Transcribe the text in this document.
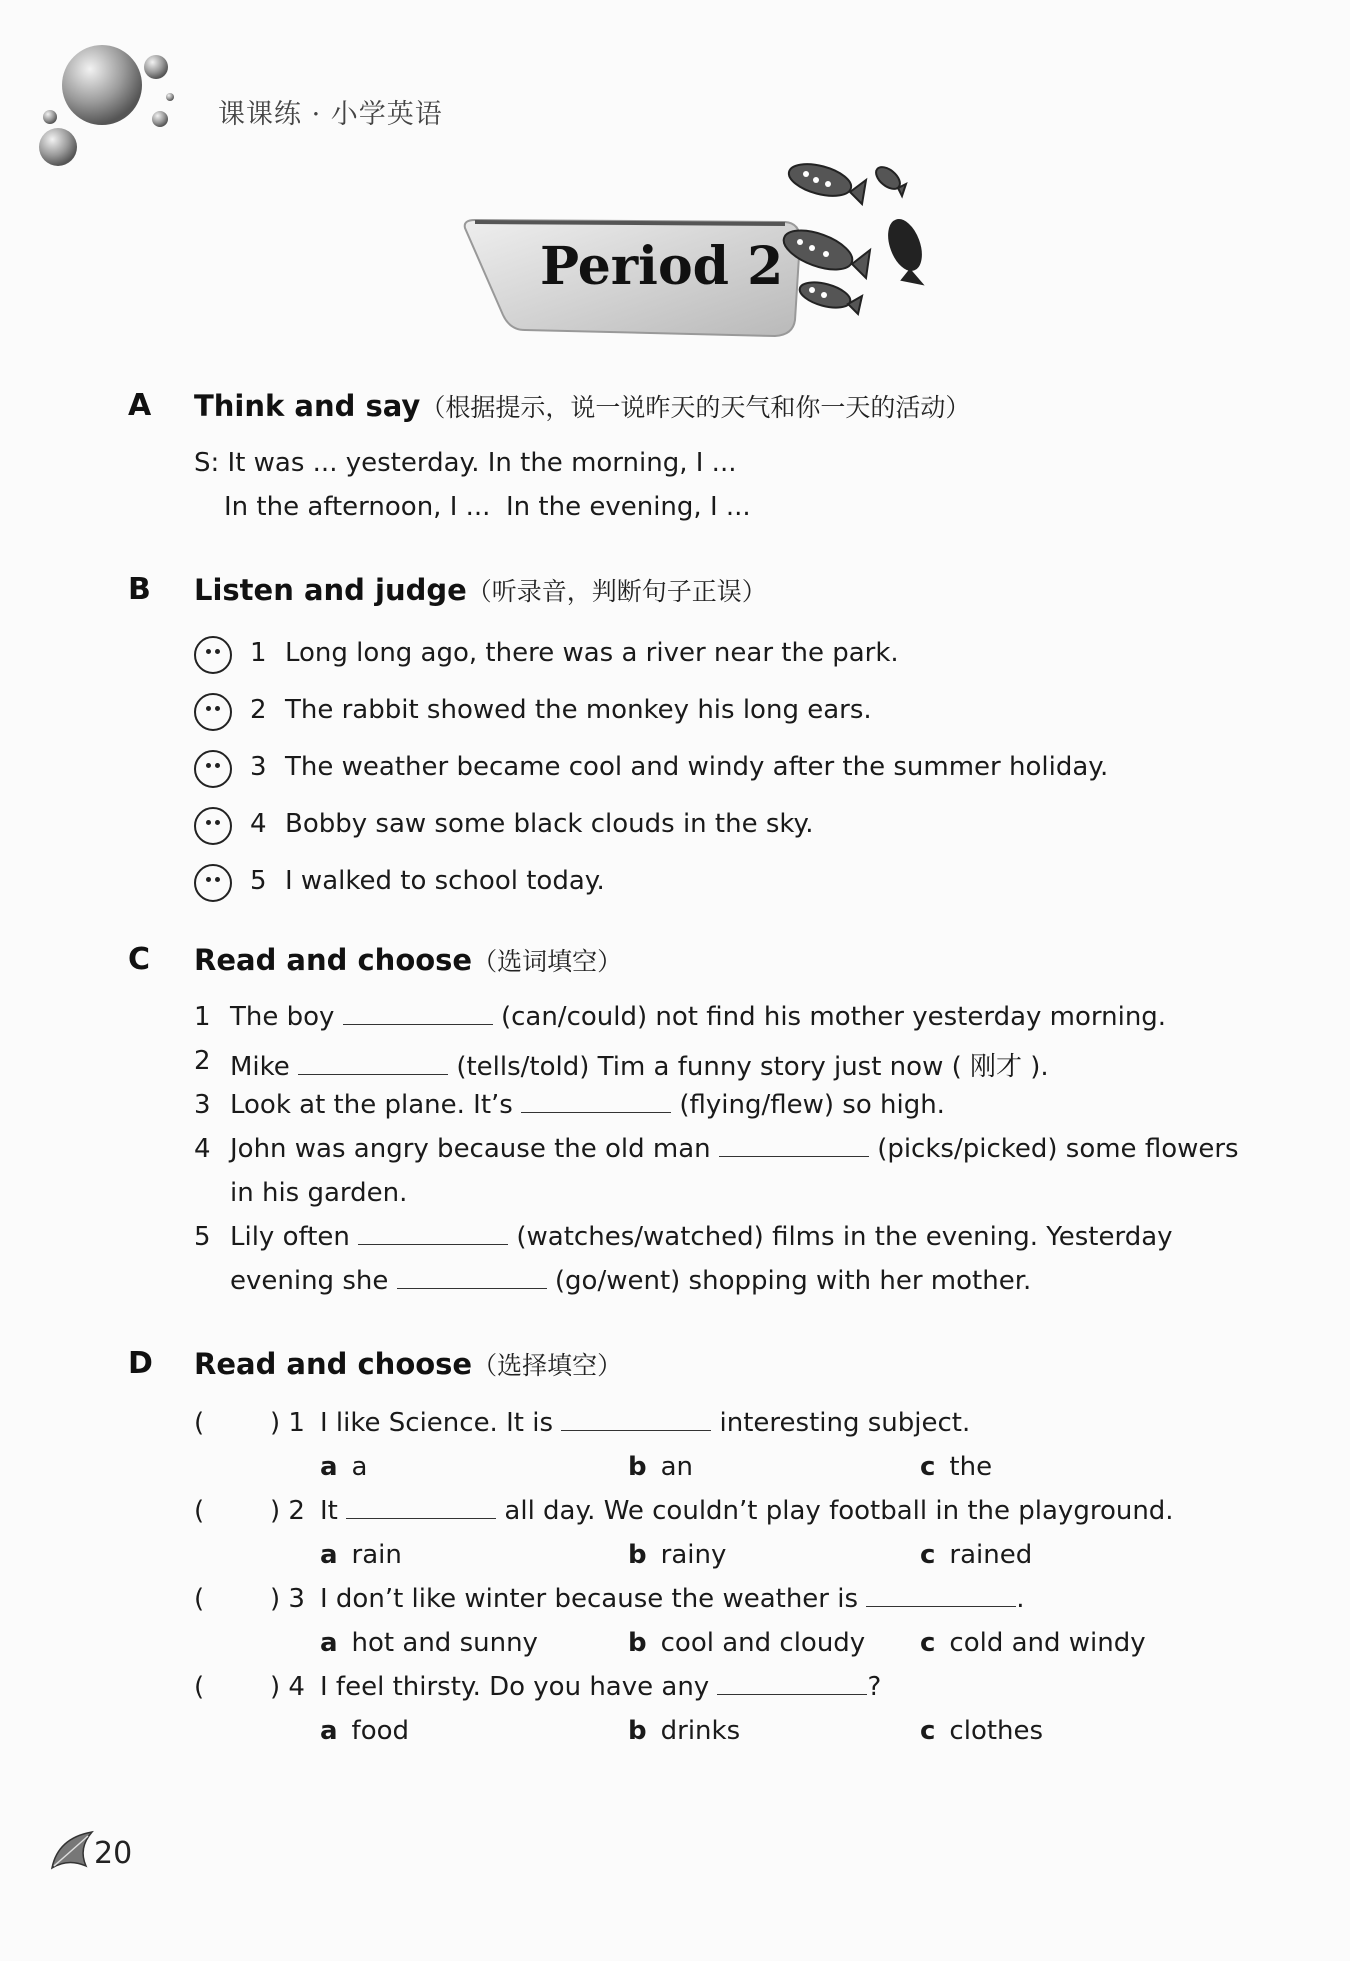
课课练 · 小学英语
Period 2
A Think and say（根据提示，说一说昨天的天气和你一天的活动）
S: It was ... yesterday. In the morning, I ...
In the afternoon, I ... In the evening, I ...
B Listen and judge（听录音，判断句子正误）
1 Long long ago, there was a river near the park.
2 The rabbit showed the monkey his long ears.
3 The weather became cool and windy after the summer holiday.
4 Bobby saw some black clouds in the sky.
5 I walked to school today.
C Read and choose（选词填空）
1 The boy	(can/could) not find his mother yesterday morning.
2 Mike	(tells/told) Tim a funny story just now ( 刚才 ).
3 Look at the plane. It’s	(flying/flew) so high.
4 John was angry because the old man	(picks/picked) some flowers
in his garden.
5 Lily often	(watches/watched) films in the evening. Yesterday
evening she	(go/went) shopping with her mother.
D Read and choose（选择填空）
(	) 1 I like Science. It is	interesting subject.
a a	b an	c the
(	) 2 It	all day. We couldn’t play football in the playground.
a rain	b rainy	c rained
(	) 3 I don’t like winter because the weather is	.
a hot and sunny	b cool and cloudy c cold and windy
(	) 4 I feel thirsty. Do you have any	?
a food	b drinks	c clothes
20
